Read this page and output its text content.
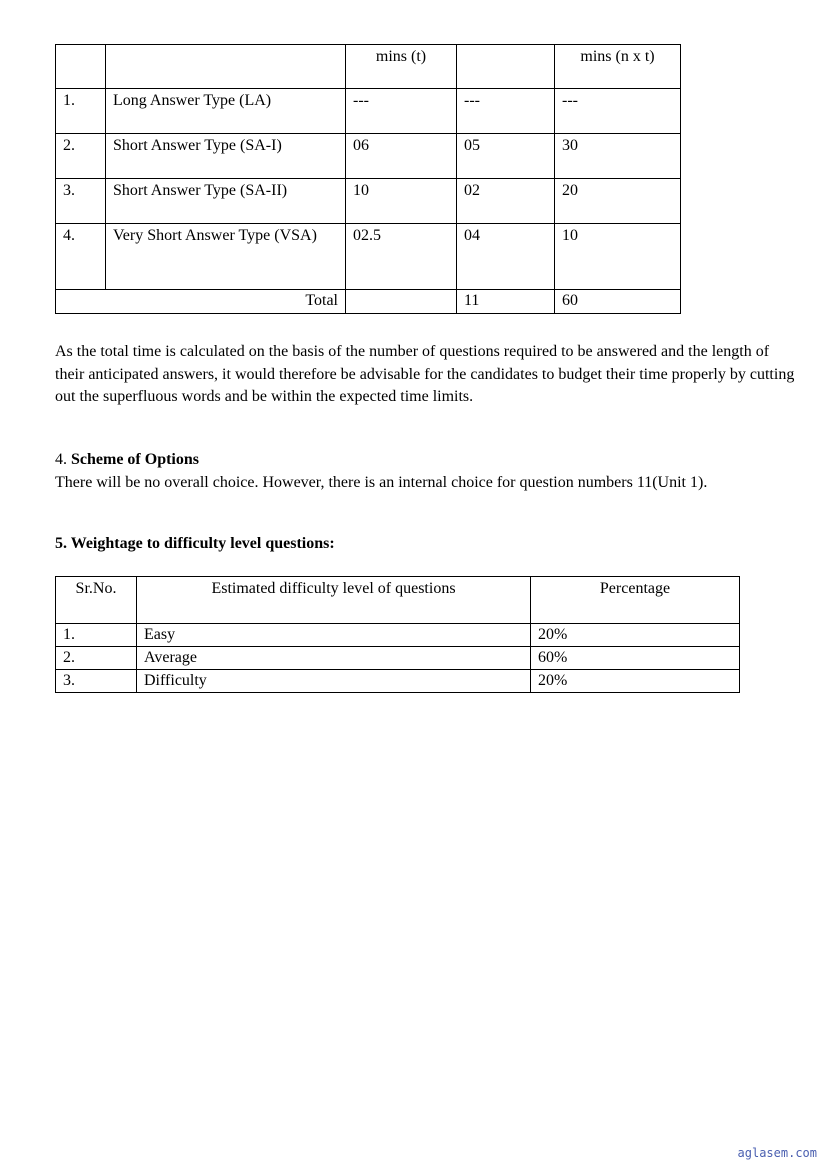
		mins (t)		mins (n x t)
1.	Long Answer Type (LA)	---	---	---
2.	Short Answer Type (SA-I)	06	05	30
3.	Short Answer Type (SA-II)	10	02	20
4.	Very Short Answer Type (VSA)	02.5	04	10
Total			11	60

As the total time is calculated on the basis of the number of questions required to be answered and the length of their anticipated answers, it would therefore be advisable for the candidates to budget their time properly by cutting out the superfluous words and be within the expected time limits.

4. Scheme of Options
There will be no overall choice. However, there is an internal choice for question numbers 11(Unit 1).
5. Weightage to difficulty level questions:
Sr.No.	Estimated difficulty level of questions	Percentage
1.	Easy	20%
2.	Average	60%
3.	Difficulty	20%
aglasem.com
